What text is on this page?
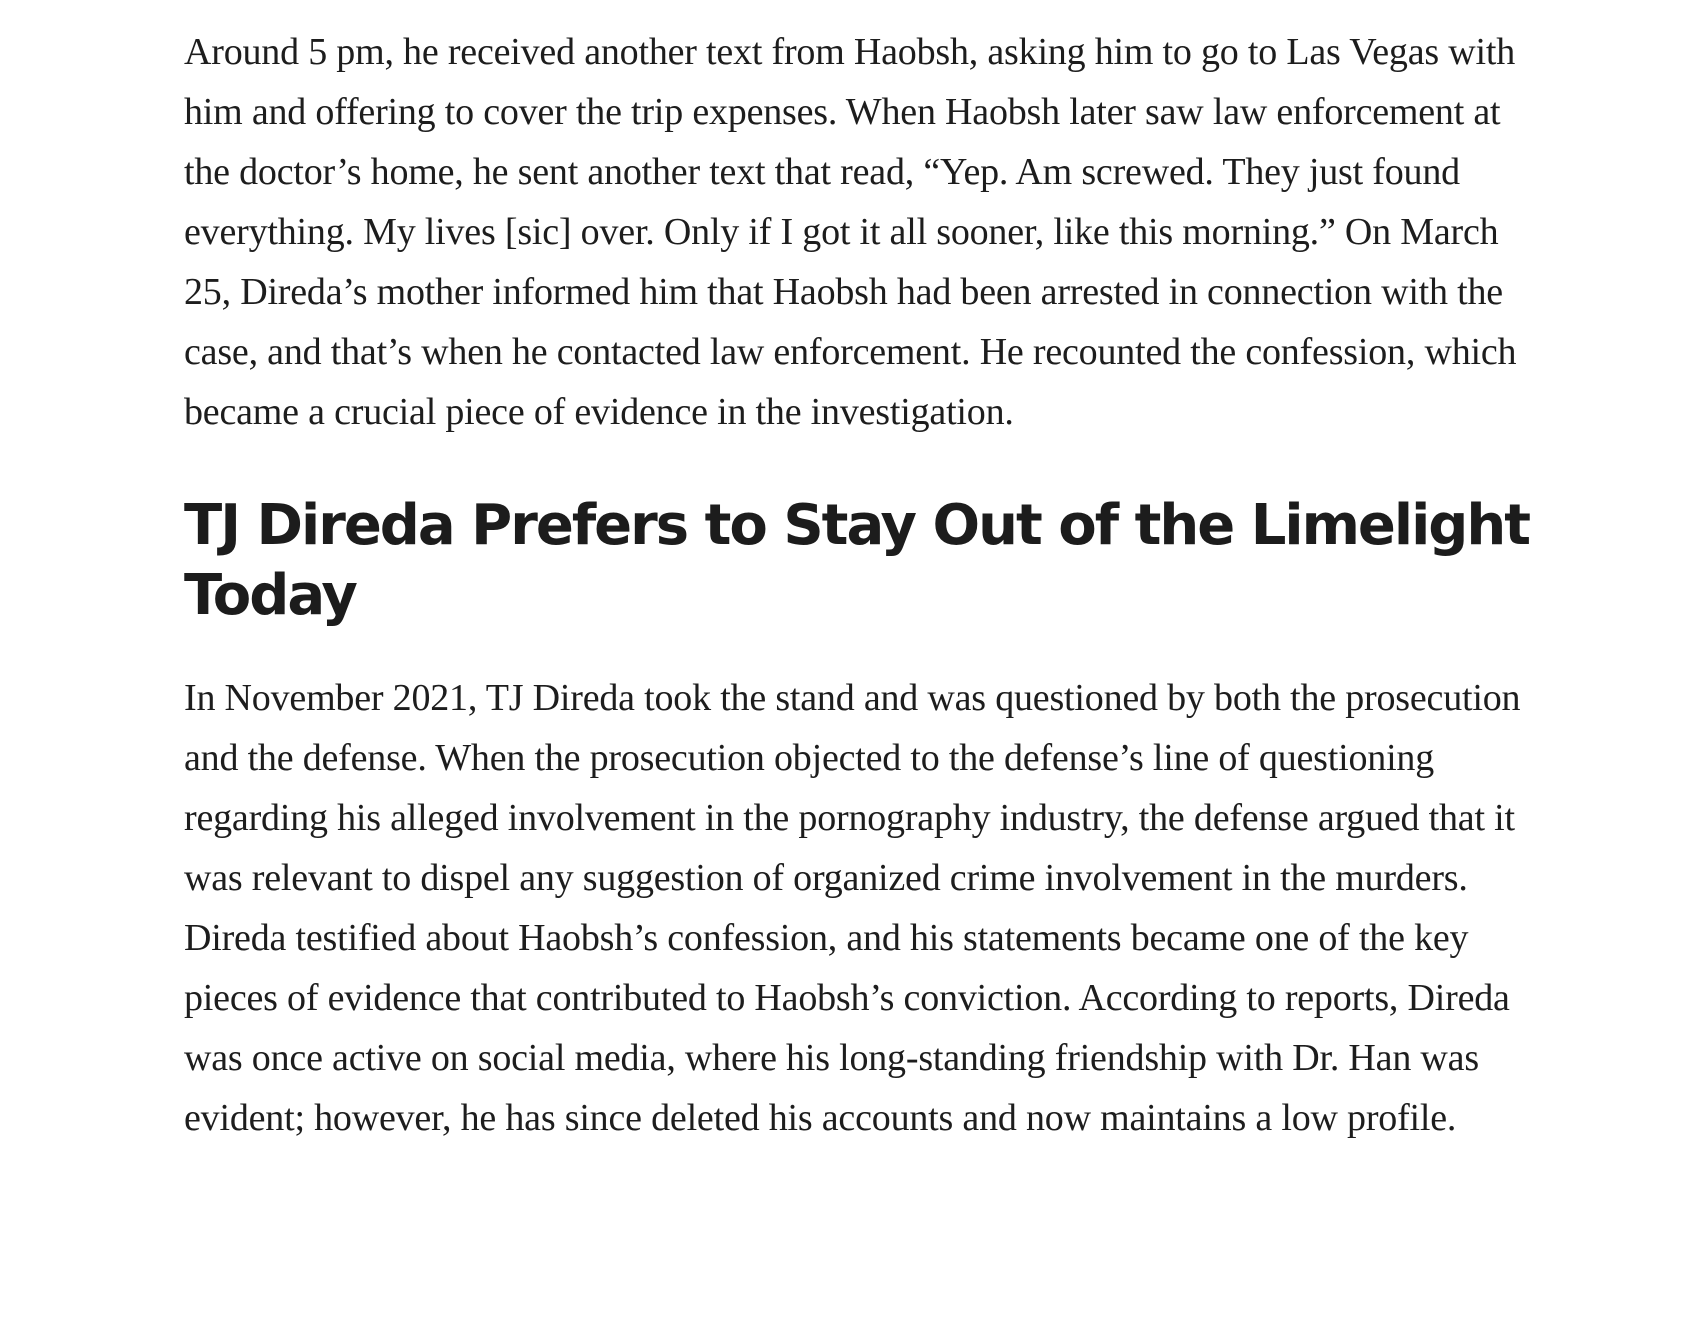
Around 5 pm, he received another text from Haobsh, asking him to go to Las Vegas with him and offering to cover the trip expenses. When Haobsh later saw law enforcement at the doctor’s home, he sent another text that read, “Yep. Am screwed. They just found everything. My lives [sic] over. Only if I got it all sooner, like this morning.” On March 25, Direda’s mother informed him that Haobsh had been arrested in connection with the case, and that’s when he contacted law enforcement. He recounted the confession, which became a crucial piece of evidence in the investigation.

TJ Direda Prefers to Stay Out of the Limelight Today

In November 2021, TJ Direda took the stand and was questioned by both the prosecution and the defense. When the prosecution objected to the defense’s line of questioning regarding his alleged involvement in the pornography industry, the defense argued that it was relevant to dispel any suggestion of organized crime involvement in the murders. Direda testified about Haobsh’s confession, and his statements became one of the key pieces of evidence that contributed to Haobsh’s conviction. According to reports, Direda was once active on social media, where his long-standing friendship with Dr. Han was evident; however, he has since deleted his accounts and now maintains a low profile.
